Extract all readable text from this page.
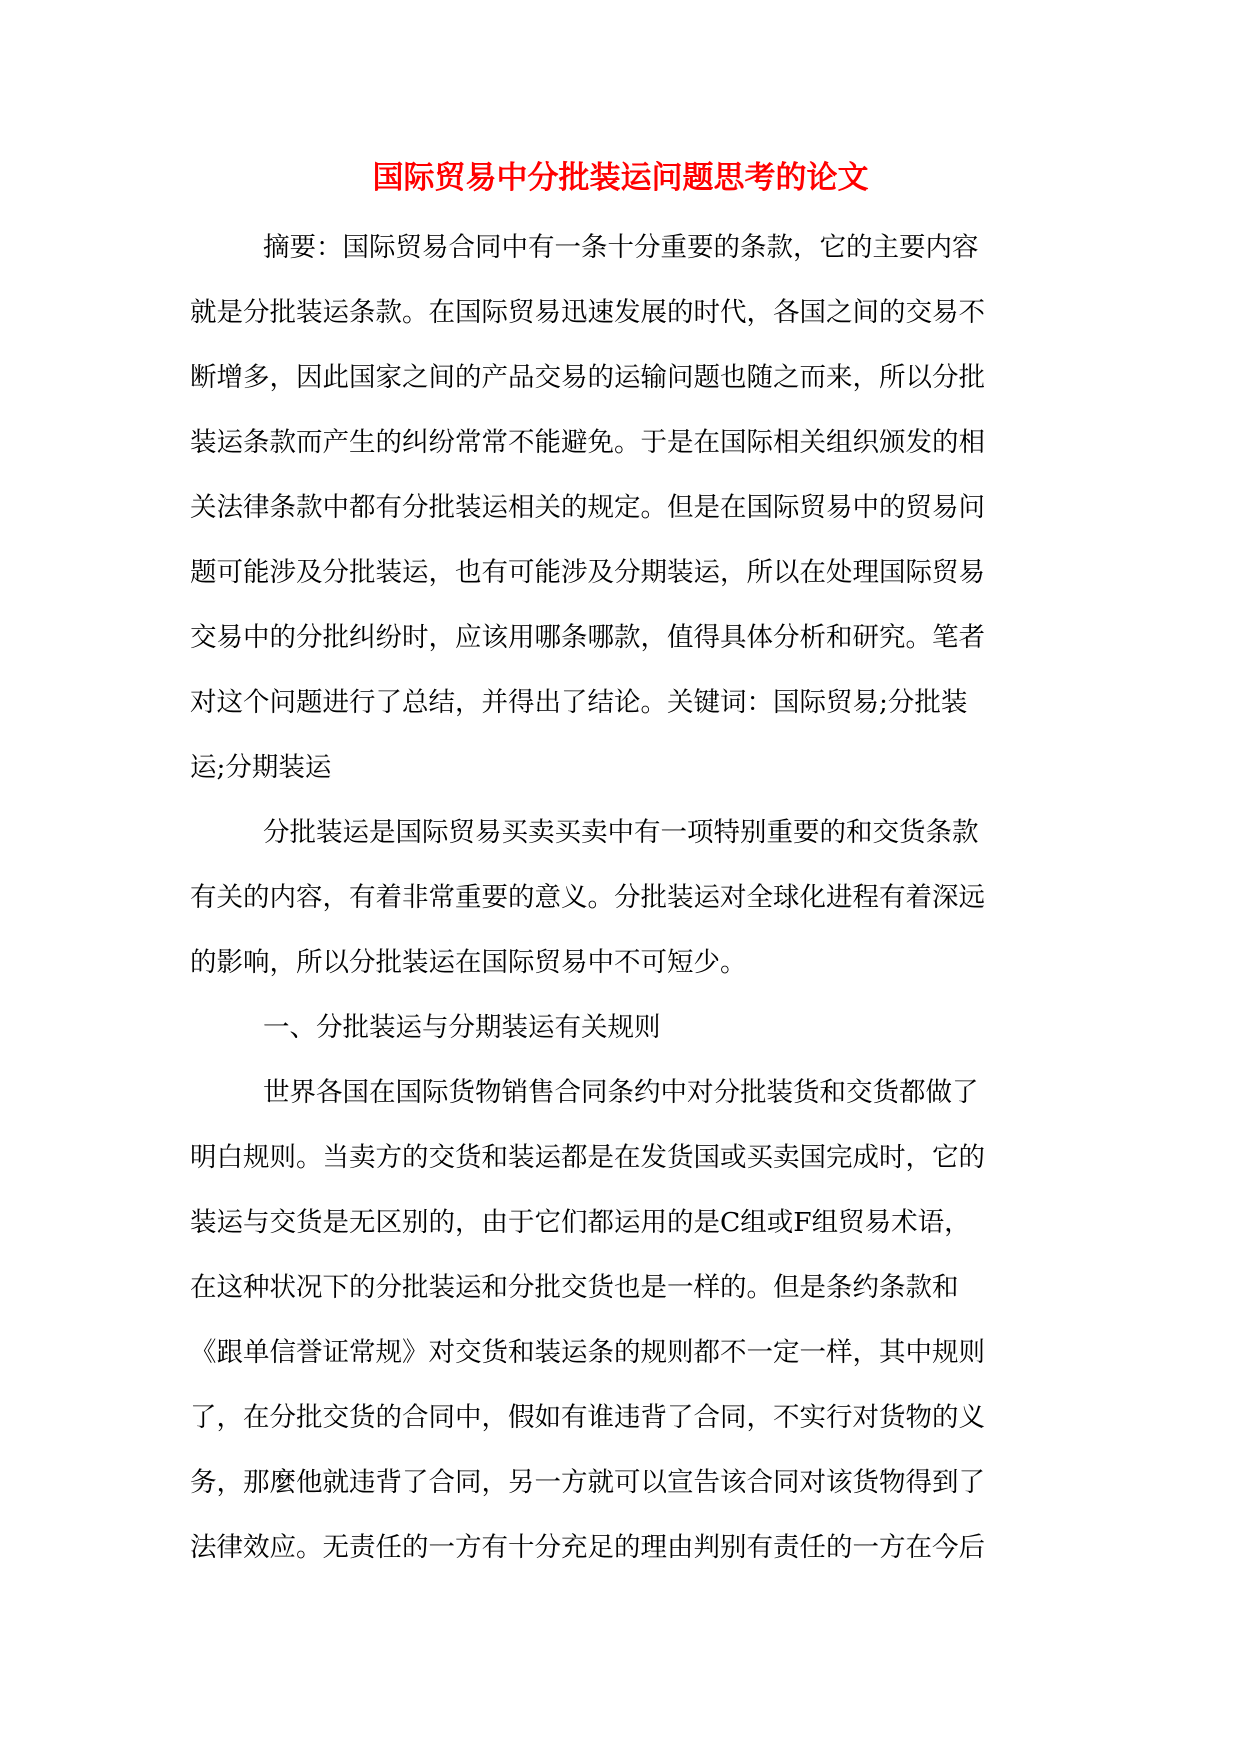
国际贸易中分批装运问题思考的论文
摘要：国际贸易合同中有一条十分重要的条款，它的主要内容
就是分批装运条款。在国际贸易迅速发展的时代，各国之间的交易不
断增多，因此国家之间的产品交易的运输问题也随之而来，所以分批
装运条款而产生的纠纷常常不能避免。于是在国际相关组织颁发的相
关法律条款中都有分批装运相关的规定。但是在国际贸易中的贸易问
题可能涉及分批装运，也有可能涉及分期装运，所以在处理国际贸易
交易中的分批纠纷时，应该用哪条哪款，值得具体分析和研究。笔者
对这个问题进行了总结，并得出了结论。关键词：国际贸易;分批装
运;分期装运
分批装运是国际贸易买卖买卖中有一项特别重要的和交货条款
有关的内容，有着非常重要的意义。分批装运对全球化进程有着深远
的影响，所以分批装运在国际贸易中不可短少。
一、分批装运与分期装运有关规则
世界各国在国际货物销售合同条约中对分批装货和交货都做了
明白规则。当卖方的交货和装运都是在发货国或买卖国完成时，它的
装运与交货是无区别的，由于它们都运用的是C组或F组贸易术语，
在这种状况下的分批装运和分批交货也是一样的。但是条约条款和
《跟单信誉证常规》对交货和装运条的规则都不一定一样，其中规则
了，在分批交货的合同中，假如有谁违背了合同，不实行对货物的义
务，那麼他就违背了合同，另一方就可以宣告该合同对该货物得到了
法律效应。无责任的一方有十分充足的理由判别有责任的一方在今后
